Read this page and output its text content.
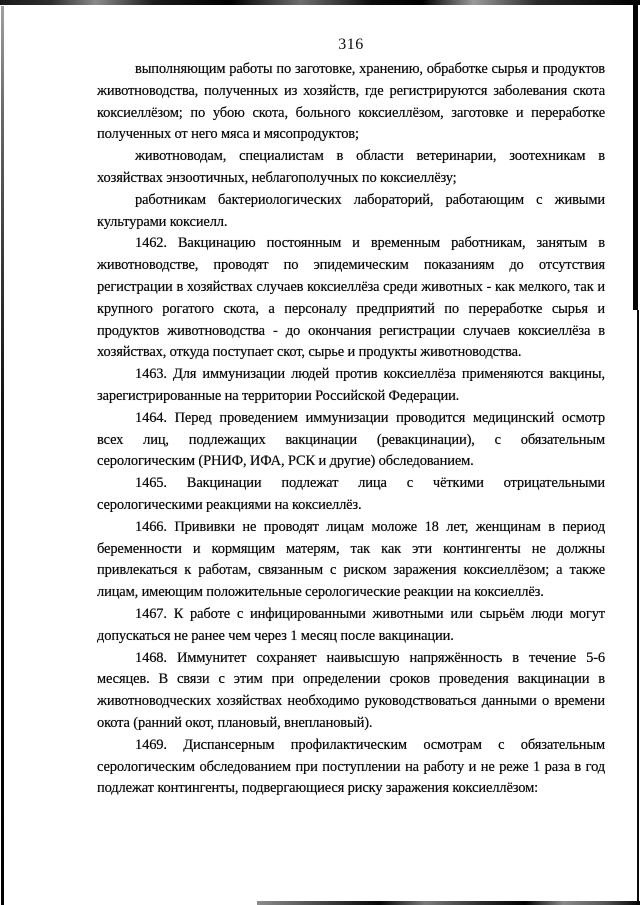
316

выполняющим работы по заготовке, хранению, обработке сырья и продуктов животноводства, полученных из хозяйств, где регистрируются заболевания скота коксиеллёзом; по убою скота, больного коксиеллёзом, заготовке и переработке полученных от него мяса и мясопродуктов;

животноводам, специалистам в области ветеринарии, зоотехникам в хозяйствах энзоотичных, неблагополучных по коксиеллёзу;

работникам бактериологических лабораторий, работающим с живыми культурами коксиелл.

1462. Вакцинацию постоянным и временным работникам, занятым в животноводстве, проводят по эпидемическим показаниям до отсутствия регистрации в хозяйствах случаев коксиеллёза среди животных - как мелкого, так и крупного рогатого скота, а персоналу предприятий по переработке сырья и продуктов животноводства - до окончания регистрации случаев коксиеллёза в хозяйствах, откуда поступает скот, сырье и продукты животноводства.

1463. Для иммунизации людей против коксиеллёза применяются вакцины, зарегистрированные на территории Российской Федерации.

1464. Перед проведением иммунизации проводится медицинский осмотр всех лиц, подлежащих вакцинации (ревакцинации), с обязательным серологическим (РНИФ, ИФА, РСК и другие) обследованием.

1465. Вакцинации подлежат лица с чёткими отрицательными серологическими реакциями на коксиеллёз.

1466. Прививки не проводят лицам моложе 18 лет, женщинам в период беременности и кормящим матерям, так как эти контингенты не должны привлекаться к работам, связанным с риском заражения коксиеллёзом; а также лицам, имеющим положительные серологические реакции на коксиеллёз.

1467. К работе с инфицированными животными или сырьём люди могут допускаться не ранее чем через 1 месяц после вакцинации.

1468. Иммунитет сохраняет наивысшую напряжённость в течение 5-6 месяцев. В связи с этим при определении сроков проведения вакцинации в животноводческих хозяйствах необходимо руководствоваться данными о времени окота (ранний окот, плановый, внеплановый).

1469. Диспансерным профилактическим осмотрам с обязательным серологическим обследованием при поступлении на работу и не реже 1 раза в год подлежат контингенты, подвергающиеся риску заражения коксиеллёзом:
